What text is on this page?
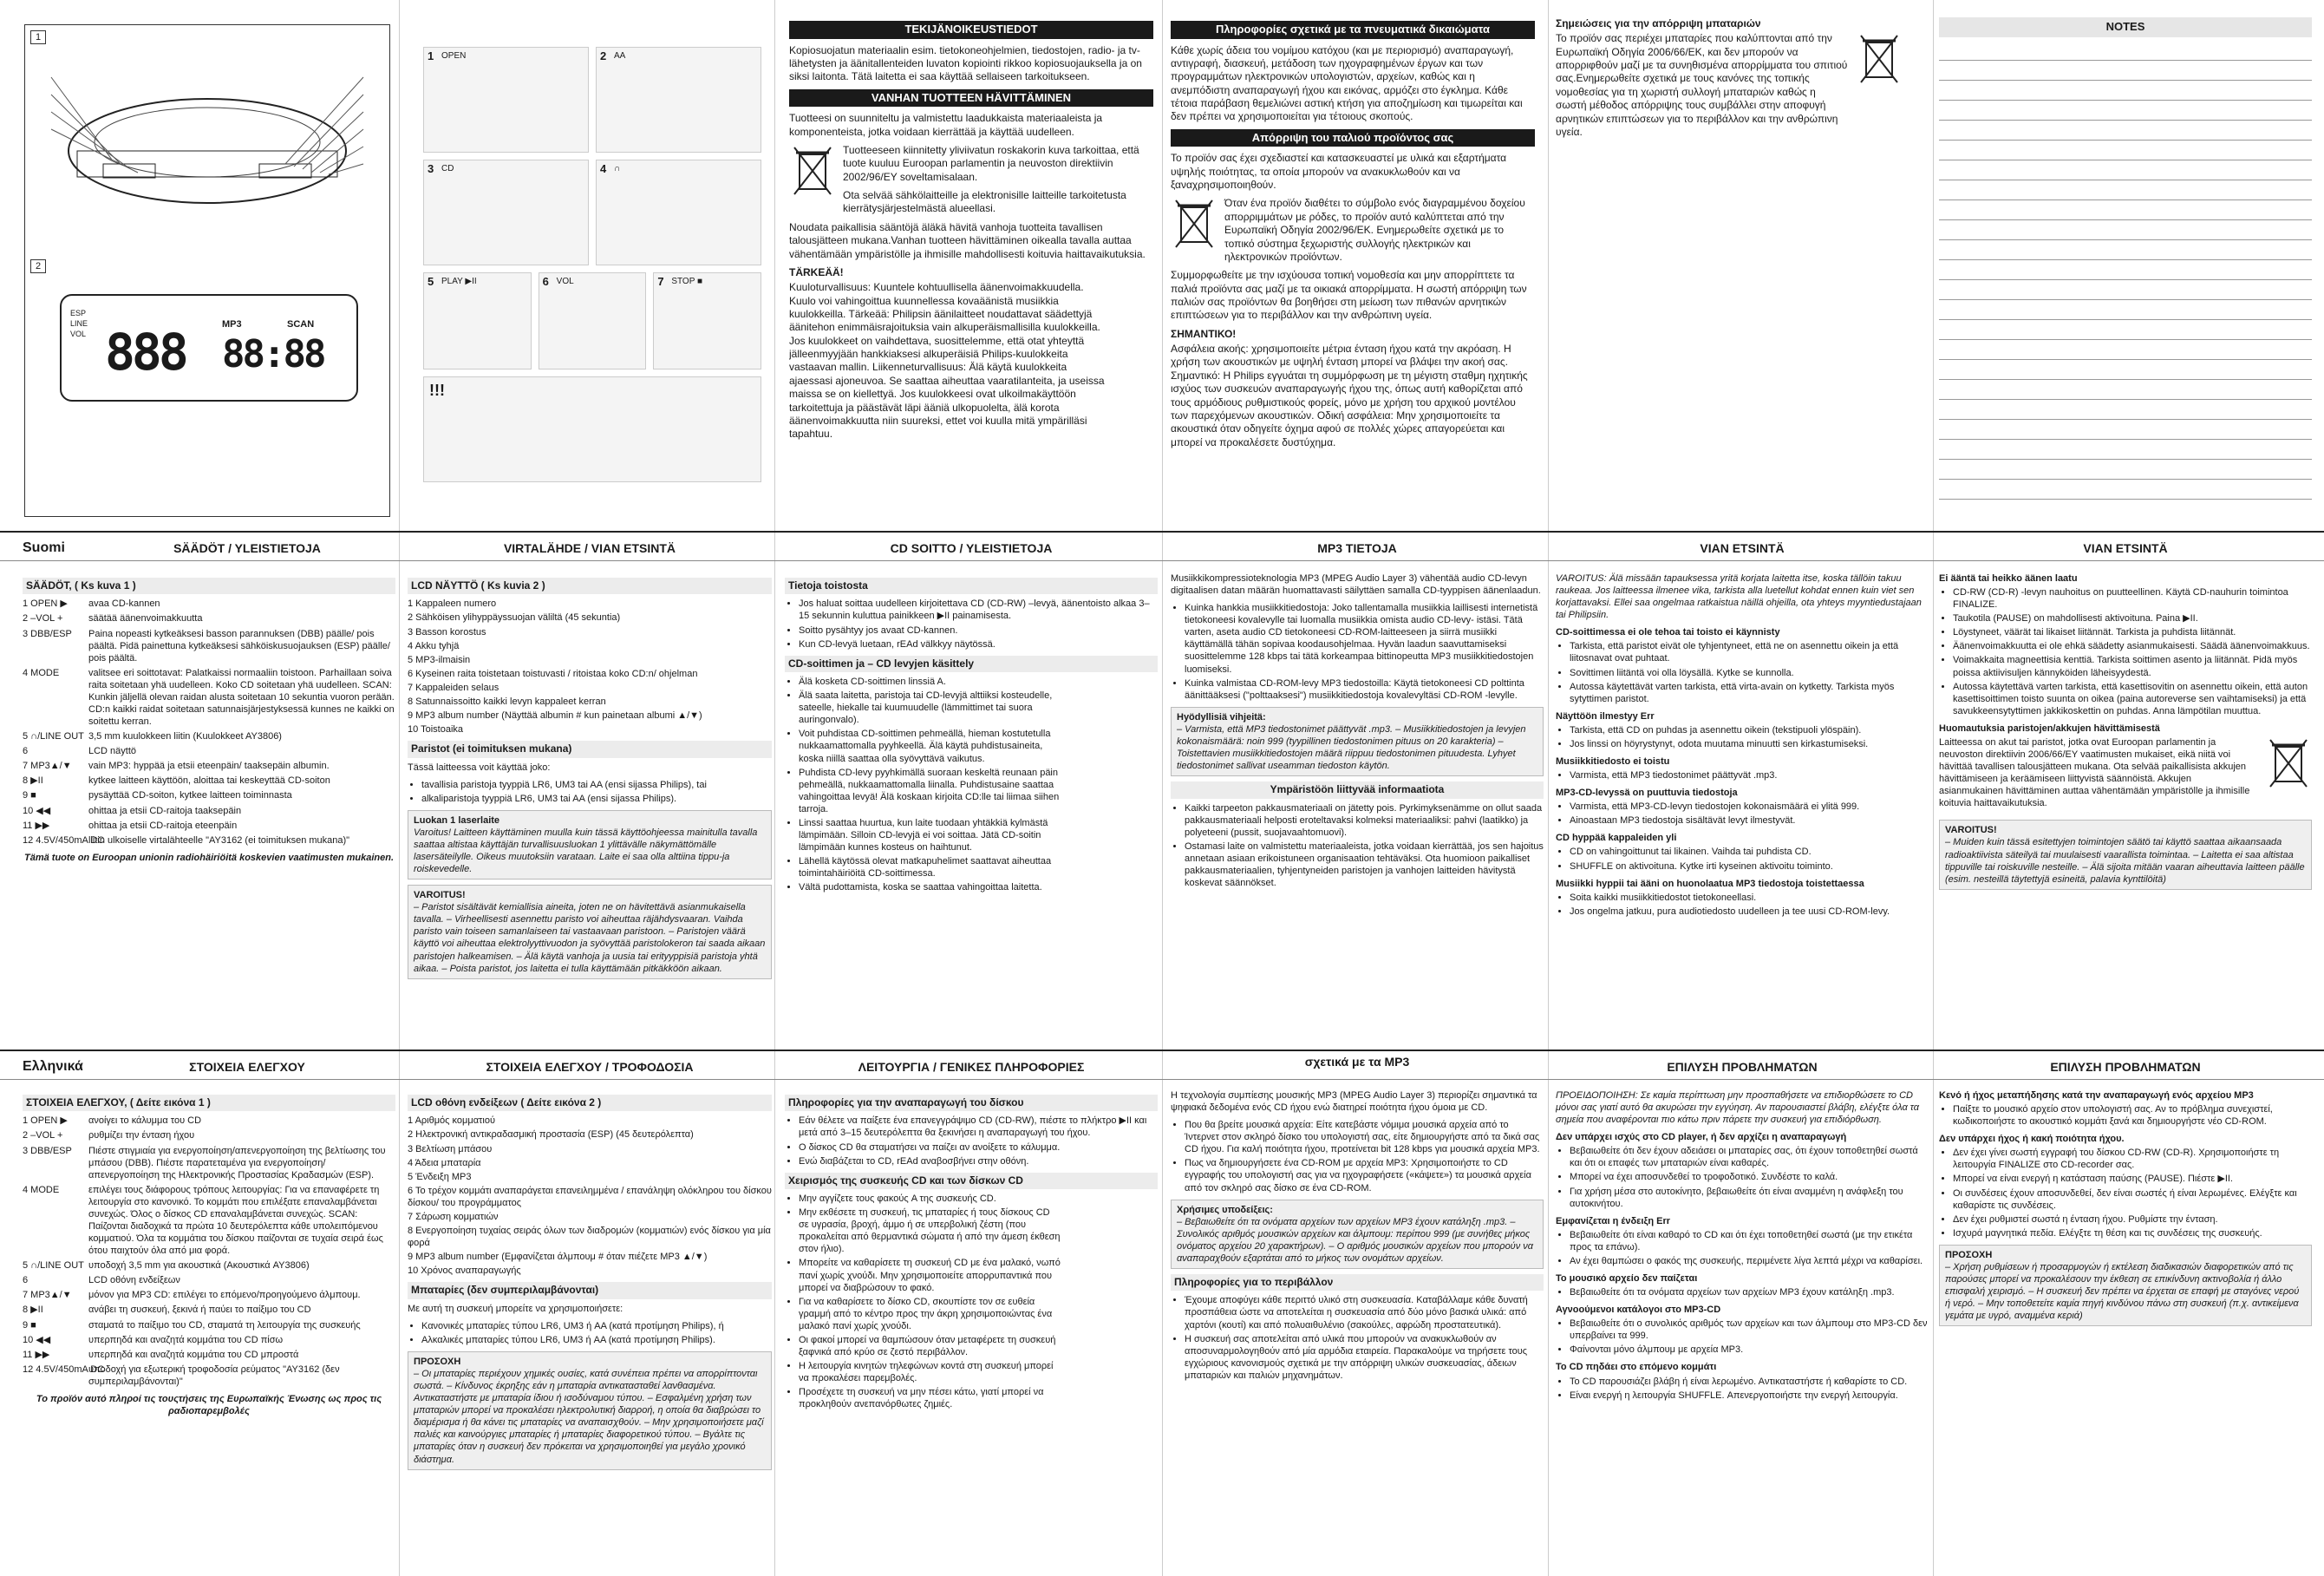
1
2
ESP
LINE
VOL 888	MP3	SCAN
88:88
1 OPEN	2 AA
3 CD	4 ∩
5 PLAY ▶II	6 VOL	7 STOP ■
!!!
TEKIJÄNOIKEUSTIEDOT

Kopiosuojatun materiaalin esim. tietokoneohjelmien, tiedostojen, radio- ja tv-lähetysten ja äänitallenteiden luvaton kopiointi rikkoo kopiosuojauksella ja on siksi laitonta. Tätä laitetta ei saa käyttää sellaiseen tarkoitukseen.

VANHAN TUOTTEEN HÄVITTÄMINEN

Tuotteesi on suunniteltu ja valmistettu laadukkaista materiaaleista ja komponenteista, jotka voidaan kierrättää ja käyttää uudelleen.

Tuotteeseen kiinnitetty yliviivatun roskakorin kuva tarkoittaa, että tuote kuuluu Euroopan parlamentin ja neuvoston direktiivin 2002/96/EY soveltamisalaan.

Ota selvää sähkölaitteille ja elektronisille laitteille tarkoitetusta kierrätysjärjestelmästä alueellasi.

Noudata paikallisia sääntöjä äläkä hävitä vanhoja tuotteita tavallisen talousjätteen mukana.Vanhan tuotteen hävittäminen oikealla tavalla auttaa vähentämään ympäristölle ja ihmisille mahdollisesti koituvia haittavaikutuksia.

TÄRKEÄÄ!

Kuuloturvallisuus: Kuuntele kohtuullisella äänenvoimakkuudella. Kuulo voi vahingoittua kuunnellessa kovaäänistä musiikkia kuulokkeilla. Tärkeää: Philipsin äänilaitteet noudattavat säädettyjä äänitehon enimmäisrajoituksia vain alkuperäismallisilla kuulokkeilla. Jos kuulokkeet on vaihdettava, suosittelemme, että otat yhteyttä jälleenmyyjään hankkiaksesi alkuperäisiä Philips-kuulokkeita vastaavan mallin. Liikenneturvallisuus: Älä käytä kuulokkeita ajaessasi ajoneuvoa. Se saattaa aiheuttaa vaaratilanteita, ja useissa maissa se on kiellettyä. Jos kuulokkeesi ovat ulkoilmakäyttöön tarkoitettuja ja päästävät läpi ääniä ulkopuolelta, älä korota äänenvoimakkuutta niin suureksi, ettet voi kuulla mitä ympärilläsi tapahtuu.

Πληροφορίες σχετικά με τα πνευματικά δικαιώματα

Κάθε χωρίς άδεια του νομίμου κατόχου (και με περιορισμό) αναπαραγωγή, αντιγραφή, διασκευή, μετάδοση των ηχογραφημένων έργων και των προγραμμάτων ηλεκτρονικών υπολογιστών, αρχείων, καθώς και η ανεμπόδιστη αναπαραγωγή ήχου και εικόνας, αρμόζει στο έγκλημα. Κάθε τέτοια παράβαση θεμελιώνει αστική κτήση για αποζημίωση και τιμωρείται και δεν πρέπει να χρησιμοποιείται για τέτοιους σκοπούς.

Απόρριψη του παλιού προϊόντος σας

Το προϊόν σας έχει σχεδιαστεί και κατασκευαστεί με υλικά και εξαρτήματα υψηλής ποιότητας, τα οποία μπορούν να ανακυκλωθούν και να ξαναχρησιμοποιηθούν.

Όταν ένα προϊόν διαθέτει το σύμβολο ενός διαγραμμένου δοχείου απορριμμάτων με ρόδες, το προϊόν αυτό καλύπτεται από την Ευρωπαϊκή Οδηγία 2002/96/ΕΚ. Ενημερωθείτε σχετικά με το τοπικό σύστημα ξεχωριστής συλλογής ηλεκτρικών και ηλεκτρονικών προϊόντων.

Συμμορφωθείτε με την ισχύουσα τοπική νομοθεσία και μην απορρίπτετε τα παλιά προϊόντα σας μαζί με τα οικιακά απορρίμματα. Η σωστή απόρριψη των παλιών σας προϊόντων θα βοηθήσει στη μείωση των πιθανών αρνητικών επιπτώσεων για το περιβάλλον και την ανθρώπινη υγεία.

ΣΗΜΑΝΤΙΚΟ!

Ασφάλεια ακοής: χρησιμοποιείτε μέτρια ένταση ήχου κατά την ακρόαση. Η χρήση των ακουστικών με υψηλή ένταση μπορεί να βλάψει την ακοή σας. Σημαντικό: Η Philips εγγυάται τη συμμόρφωση με τη μέγιστη σταθμη ηχητικής ισχύος των συσκευών αναπαραγωγής ήχου της, όπως αυτή καθορίζεται από τους αρμόδιους ρυθμιστικούς φορείς, μόνο με χρήση του αρχικού μοντέλου των παρεχόμενων ακουστικών. Οδική ασφάλεια: Μην χρησιμοποιείτε τα ακουστικά όταν οδηγείτε όχημα αφού σε πολλές χώρες απαγορεύεται και μπορεί να προκαλέσετε δυστύχημα.

Σημειώσεις για την απόρριψη μπαταριών

Το προϊόν σας περιέχει μπαταρίες που καλύπτονται από την Ευρωπαϊκή Οδηγία 2006/66/ΕΚ, και δεν μπορούν να απορριφθούν μαζί με τα συνηθισμένα απορρίμματα του σπιτιού σας.Ενημερωθείτε σχετικά με τους κανόνες της τοπικής νομοθεσίας για τη χωριστή συλλογή μπαταριών καθώς η σωστή μέθοδος απόρριψης τους συμβάλλει στην αποφυγή αρνητικών επιπτώσεων για το περιβάλλον και την ανθρώπινη υγεία.

NOTES
Suomi	SÄÄDÖT / YLEISTIETOJA	VIRTALÄHDE / VIAN ETSINTÄ	CD SOITTO / YLEISTIETOJA	MP3 TIETOJA	VIAN ETSINTÄ	VIAN ETSINTÄ
SÄÄDÖT, ( Ks kuva 1 )
1 OPEN ▶	avaa CD-kannen
2 –VOL +	säätää äänenvoimakkuutta
3 DBB/ESP	Paina nopeasti kytkeäksesi basson parannuksen (DBB) päälle/ pois päältä. Pidä painettuna kytkeäksesi sähköiskusuojauksen (ESP) päälle/ pois päältä.
4 MODE	valitsee eri soittotavat: Palatkaissi normaaliin toistoon. Parhaillaan soiva raita soitetaan yhä uudelleen. Koko CD soitetaan yhä uudelleen. SCAN: Kunkin jäljellä olevan raidan alusta soitetaan 10 sekuntia vuoron perään. CD:n kaikki raidat soitetaan satunnaisjärjestyksessä kunnes ne kaikki on soitettu kerran.
5 ∩/LINE OUT 3,5 mm kuulokkeen liitin (Kuulokkeet AY3806)
6	LCD näyttö
7 MP3▲/▼	vain MP3: hyppää ja etsii eteenpäin/ taaksepäin albumin.
8 ▶II	kytkee laitteen käyttöön, aloittaa tai keskeyttää CD-soiton
9 ■	pysäyttää CD-soiton, kytkee laitteen toiminnasta
10 ◀◀	ohittaa ja etsii CD-raitoja taaksepäin
11 ▶▶	ohittaa ja etsii CD-raitoja eteenpäin
12 4.5V/450mA DC
liitin ulkoiselle virtalähteelle "AY3162 (ei toimituksen mukana)"

Tämä tuote on Euroopan unionin radiohäiriöitä koskevien vaatimusten mukainen.

LCD NÄYTTÖ ( Ks kuvia 2 )
1 Kappaleen numero
2 Sähköisen ylihyppäyssuojan väliltä (45 sekuntia)
3 Basson korostus
4 Akku tyhjä
5 MP3-ilmaisin
6 Kyseinen raita toistetaan toistuvasti / ritoistaa koko CD:n/ ohjelman
7 Kappaleiden selaus
8 Satunnaissoitto kaikki levyn kappaleet kerran
9 MP3 album number (Näyttää albumin # kun painetaan albumi ▲/▼)
10 Toistoaika
Paristot (ei toimituksen mukana)

Tässä laitteessa voit käyttää joko:

• tavallisia paristoja tyyppiä LR6, UM3 tai AA (ensi sijassa Philips), tai
• alkaliparistoja tyyppiä LR6, UM3 tai AA (ensi sijassa Philips).
Luokan 1 laserlaite
Varoitus! Laitteen käyttäminen muulla kuin tässä käyttöohjeessa mainitulla tavalla saattaa altistaa käyttäjän turvallisuusluokan 1 ylittävälle näkymättömälle lasersäteilylle. Oikeus muutoksiin varataan. Laite ei saa olla alttiina tippu-ja roiskevedelle.
VAROITUS!
– Paristot sisältävät kemiallisia aineita, joten ne on hävitettävä asianmukaisella tavalla. – Virheellisesti asennettu paristo voi aiheuttaa räjähdysvaaran. Vaihda paristo vain toiseen samanlaiseen tai vastaavaan paristoon. – Paristojen väärä käyttö voi aiheuttaa elektrolyyttivuodon ja syövyttää paristolokeron tai saada aikaan paristojen halkeamisen. – Älä käytä vanhoja ja uusia tai erityyppisiä paristoja yhtä aikaa. – Poista paristot, jos laitetta ei tulla käyttämään pitkäkköön aikaan.
Tietoja toistosta
• Jos haluat soittaa uudelleen kirjoitettava CD (CD-RW) –levyä, äänentoisto alkaa 3–15 sekunnin kuluttua painikkeen ▶II painamisesta.
• Soitto pysähtyy jos avaat CD-kannen.
• Kun CD-levyä luetaan, rEAd välkkyy näytössä.
CD-soittimen ja – CD levyjen käsittely
• Älä kosketa CD-soittimen linssiä A.
• Älä saata laitetta, paristoja tai CD-levyjä alttiiksi kosteudelle, sateelle, hiekalle tai kuumuudelle (lämmittimet tai suora auringonvalo).
• Voit puhdistaa CD-soittimen pehmeällä, hieman kostutetulla nukkaamattomalla pyyhkeellä. Älä käytä puhdistusaineita, koska niillä saattaa olla syövyttävä vaikutus.
• Puhdista CD-levy pyyhkimällä suoraan keskeltä reunaan päin pehmeällä, nukkaamattomalla liinalla. Puhdistusaine saattaa vahingoittaa levyä! Älä koskaan kirjoita CD:lle tai liimaa siihen tarroja.
• Linssi saattaa huurtua, kun laite tuodaan yhtäkkiä kylmästä lämpimään. Silloin CD-levyjä ei voi soittaa. Jätä CD-soitin lämpimään kunnes kosteus on haihtunut.
• Lähellä käytössä olevat matkapuhelimet saattavat aiheuttaa toimintahäiriöitä CD-soittimessa.
• Vältä pudottamista, koska se saattaa vahingoittaa laitetta.

Musiikkikompressioteknologia MP3 (MPEG Audio Layer 3) vähentää audio CD-levyn digitaalisen datan määrän huomattavasti säilyttäen samalla CD-tyyppisen äänenlaadun.

• Kuinka hankkia musiikkitiedostoja: Joko tallentamalla musiikkia laillisesti internetistä tietokoneesi kovalevylle tai luomalla musiikkia omista audio CD-levy- istäsi. Tätä varten, aseta audio CD tietokoneesi CD-ROM-laitteeseen ja siirrä musiikki käyttämällä tähän sopivaa koodausohjelmaa. Hyvän laadun saavuttamiseksi suosittelemme 128 kbps tai tätä korkeampaa bittinopeutta MP3 musiikkitiedostojen luomiseksi.
• Kuinka valmistaa CD-ROM-levy MP3 tiedostoilla: Käytä tietokoneesi CD polttinta äänittääksesi ("polttaaksesi") musiikkitiedostoja kovalevyltäsi CD-ROM -levylle.
Hyödyllisiä vihjeitä:
– Varmista, että MP3 tiedostonimet päättyvät .mp3. – Musiikkitiedostojen ja levyjen kokonaismäärä: noin 999 (tyypillinen tiedostonimen pituus on 20 karakteria) – Toistettavien musiikkitiedostojen määrä riippuu tiedostonimen pituudesta. Lyhyet tiedostonimet sallivat useamman tiedoston käytön.
Ympäristöön liittyvää informaatiota
• Kaikki tarpeeton pakkausmateriaali on jätetty pois. Pyrkimyksenämme on ollut saada pakkausmateriaali helposti eroteltavaksi kolmeksi materiaaliksi: pahvi (laatikko) ja polyeteeni (pussit, suojavaahtomuovi).
• Ostamasi laite on valmistettu materiaaleista, jotka voidaan kierrättää, jos sen hajoitus annetaan asiaan erikoistuneen organisaation tehtäväksi. Ota huomioon paikalliset pakkausmateriaalien, tyhjentyneiden paristojen ja vanhojen laitteiden hävitystä koskevat säännökset.

VAROITUS: Älä missään tapauksessa yritä korjata laitetta itse, koska tällöin takuu raukeaa. Jos laitteessa ilmenee vika, tarkista alla luetellut kohdat ennen kuin viet sen korjattavaksi. Ellei saa ongelmaa ratkaistua näillä ohjeilla, ota yhteys myyntiedustajaan tai Philipsiin.

CD-soittimessa ei ole tehoa tai toisto ei käynnisty

• Tarkista, että paristot eivät ole tyhjentyneet, että ne on asennettu oikein ja että liitosnavat ovat puhtaat.
• Sovittimen liitäntä voi olla löysällä. Kytke se kunnolla.
• Autossa käytettävät varten tarkista, että virta-avain on kytketty. Tarkista myös sytyttimen paristot.

Näyttöön ilmestyy Err

• Tarkista, että CD on puhdas ja asennettu oikein (tekstipuoli ylöspäin).
• Jos linssi on höyrystynyt, odota muutama minuutti sen kirkastumiseksi.

Musiikkitiedosto ei toistu

• Varmista, että MP3 tiedostonimet päättyvät .mp3.

MP3-CD-levyssä on puuttuvia tiedostoja

• Varmista, että MP3-CD-levyn tiedostojen kokonaismäärä ei ylitä 999.
• Ainoastaan MP3 tiedostoja sisältävät levyt ilmestyvät.

CD hyppää kappaleiden yli

• CD on vahingoittunut tai likainen. Vaihda tai puhdista CD.
• SHUFFLE on aktivoituna. Kytke irti kyseinen aktivoitu toiminto.

Musiikki hyppii tai ääni on huonolaatua MP3 tiedostoja toistettaessa

• Soita kaikki musiikkitiedostot tietokoneellasi.
• Jos ongelma jatkuu, pura audiotiedosto uudelleen ja tee uusi CD-ROM-levy.

Ei ääntä tai heikko äänen laatu

• CD-RW (CD-R) -levyn nauhoitus on puutteellinen. Käytä CD-nauhurin toimintoa FINALIZE.
• Taukotila (PAUSE) on mahdollisesti aktivoituna. Paina ▶II.
• Löystyneet, väärät tai likaiset liitännät. Tarkista ja puhdista liitännät.
• Äänenvoimakkuutta ei ole ehkä säädetty asianmukaisesti. Säädä äänenvoimakkuus.
• Voimakkaita magneettisia kenttiä. Tarkista soittimen asento ja liitännät. Pidä myös poissa aktiivisuljen kännyköiden läheisyydestä.
• Autossa käytettävä varten tarkista, että kasettisovitin on asennettu oikein, että auton kasettisoittimen toisto suunta on oikea (paina autoreverse sen vaihtamiseksi) ja että savukkeensytyttimen jakkikoskettin on puhdas. Anna lämpötilan muuttua.

Huomautuksia paristojen/akkujen hävittämisestä

Laitteessa on akut tai paristot, jotka ovat Euroopan parlamentin ja neuvoston direktiivin 2006/66/EY vaatimusten mukaiset, eikä niitä voi hävittää tavallisen talousjätteen mukana. Ota selvää paikallisista akkujen hävittämiseen ja keräämiseen liittyvistä säännöistä. Akkujen asianmukainen hävittäminen auttaa vähentämään ympäristölle ja ihmisille koituvia haittavaikutuksia.

VAROITUS!
– Muiden kuin tässä esitettyjen toimintojen säätö tai käyttö saattaa aikaansaada radioaktiivista säteilyä tai muulaisesti vaarallista toimintaa. – Laitetta ei saa altistaa tippuville tai roiskuville nesteille. – Älä sijoita mitään vaaran aiheuttavia laitteen päälle (esim. nesteillä täytettyjä esineitä, palavia kynttilöitä)
Ελληνικά	ΣΤΟΙΧΕΙΑ ΕΛΕΓΧΟΥ	ΣΤΟΙΧΕΙΑ ΕΛΕΓΧΟΥ / ΤΡΟΦΟΔΟΣΙΑ	ΛΕΙΤΟΥΡΓΙΑ / ΓΕΝΙΚΕΣ ΠΛΗΡΟΦΟΡΙΕΣ	σχετικά με τα MP3	ΕΠΙΛΥΣΗ ΠΡΟΒΛΗΜΑΤΩΝ	ΕΠΙΛΥΣΗ ΠΡΟΒΛΗΜΑΤΩΝ
ΣΤΟΙΧΕΙΑ ΕΛΕΓΧΟΥ, ( Δείτε εικόνα 1 )
1 OPEN ▶	ανοίγει το κάλυμμα του CD
2 –VOL +	ρυθμίζει την ένταση ήχου
3 DBB/ESP	Πιέστε στιγμιαία για ενεργοποίηση/απενεργοποίηση της βελτίωσης του μπάσου (DBB). Πιέστε παρατεταμένα για ενεργοποίηση/απενεργοποίηση της Ηλεκτρονικής Προστασίας Κραδασμών (ESP).
4 MODE	επιλέγει τους διάφορους τρόπους λειτουργίας: Για να επαναφέρετε τη λειτουργία στο κανονικό. Το κομμάτι που επιλέξατε επαναλαμβάνεται συνεχώς. Όλος ο δίσκος CD επαναλαμβάνεται συνεχώς. SCAN: Παίζονται διαδοχικά τα πρώτα 10 δευτερόλεπτα κάθε υπολειπόμενου κομματιού. Όλα τα κομμάτια του δίσκου παίζονται σε τυχαία σειρά έως ότου παιχτούν όλα από μια φορά.
5 ∩/LINE OUT υποδοχή 3,5 mm για ακουστικά (Ακουστικά AY3806)
6	LCD οθόνη ενδείξεων
7 MP3▲/▼	μόνον για MP3 CD: επιλέγει το επόμενο/προηγούμενο άλμπουμ.
8 ▶II	ανάβει τη συσκευή, ξεκινά ή παύει το παίξιμο του CD
9 ■	σταματά το παίξιμο του CD, σταματά τη λειτουργία της συσκευής
10 ◀◀	υπερπηδά και αναζητά κομμάτια του CD πίσω
11 ▶▶	υπερπηδά και αναζητά κομμάτια του CD μπροστά
12 4.5V/450mA DC
υποδοχή για εξωτερική τροφοδοσία ρεύματος "AY3162 (δεν συμπεριλαμβάνονται)"

Το προϊόν αυτό πληροί τις τουςτήσεις της Ευρωπαϊκής Ένωσης ως προς τις ραδιοπαρεμβολές

LCD οθόνη ενδείξεων ( Δείτε εικόνα 2 )
1 Αριθμός κομματιού
2 Ηλεκτρονική αντικραδασμική προστασία (ESP) (45 δευτερόλεπτα)
3 Βελτίωση μπάσου
4 Άδεια μπαταρία
5 Ένδειξη MP3
6 Το τρέχον κομμάτι αναπαράγεται επανειλημμένα / επανάληψη ολόκληρου του δίσκου δίσκου/ του προγράμματος
7 Σάρωση κομματιών
8 Ενεργοποίηση τυχαίας σειράς όλων των διαδρομών (κομματιών) ενός δίσκου για μία φορά
9 MP3 album number (Εμφανίζεται άλμπουμ # όταν πιέζετε MP3 ▲/▼)
10 Χρόνος αναπαραγωγής
Μπαταρίες (δεν συμπεριλαμβάνονται)

Με αυτή τη συσκευή μπορείτε να χρησιμοποιήσετε:

• Κανονικές μπαταρίες τύπου LR6, UM3 ή AA (κατά προτίμηση Philips), ή
• Αλκαλικές μπαταρίες τύπου LR6, UM3 ή AA (κατά προτίμηση Philips).
ΠΡΟΣΟΧΗ
– Οι μπαταρίες περιέχουν χημικές ουσίες, κατά συνέπεια πρέπει να απορρίπτονται σωστά. – Κίνδυνος έκρηξης εάν η μπαταρία αντικατασταθεί λανθασμένα. Αντικαταστήστε με μπαταρία ίδιου ή ισοδύναμου τύπου. – Εσφαλμένη χρήση των μπαταριών μπορεί να προκαλέσει ηλεκτρολυτική διαρροή, η οποία θα διαβρώσει το διαμέρισμα ή θα κάνει τις μπαταρίες να αναπαισχθούν. – Μην χρησιμοποιήσετε μαζί παλιές και καινούργιες μπαταρίες ή μπαταρίες διαφορετικού τύπου. – Βγάλτε τις μπαταρίες όταν η συσκευή δεν πρόκειται να χρησιμοποιηθεί για μεγάλο χρονικό διάστημα.
Πληροφορίες για την αναπαραγωγή του δίσκου
• Εάν θέλετε να παίξετε ένα επανεγγράψιμο CD (CD-RW), πιέστε το πλήκτρο ▶II και μετά από 3–15 δευτερόλεπτα θα ξεκινήσει η αναπαραγωγή του ήχου.
• Ο δίσκος CD θα σταματήσει να παίζει αν ανοίξετε το κάλυμμα.
• Ενώ διαβάζεται το CD, rEAd αναβοσβήνει στην οθόνη.
Χειρισμός της συσκευής CD και των δίσκων CD
• Μην αγγίζετε τους φακούς A της συσκευής CD.
• Μην εκθέσετε τη συσκευή, τις μπαταρίες ή τους δίσκους CD σε υγρασία, βροχή, άμμο ή σε υπερβολική ζέστη (που προκαλείται από θερμαντικά σώματα ή από την άμεση έκθεση στον ήλιο).
• Μπορείτε να καθαρίσετε τη συσκευή CD με ένα μαλακό, νωπό πανί χωρίς χνούδι. Μην χρησιμοποιείτε απορρυπαντικά που μπορεί να διαβρώσουν το φακό.
• Για να καθαρίσετε το δίσκο CD, σκουπίστε τον σε ευθεία γραμμή από το κέντρο προς την άκρη χρησιμοποιώντας ένα μαλακό πανί χωρίς χνούδι.
• Οι φακοί μπορεί να θαμπώσουν όταν μεταφέρετε τη συσκευή ξαφνικά από κρύο σε ζεστό περιβάλλον.
• Η λειτουργία κινητών τηλεφώνων κοντά στη συσκευή μπορεί να προκαλέσει παρεμβολές.
• Προσέχετε τη συσκευή να μην πέσει κάτω, γιατί μπορεί να προκληθούν ανεπανόρθωτες ζημιές.

Η τεχνολογία συμπίεσης μουσικής MP3 (MPEG Audio Layer 3) περιορίζει σημαντικά τα ψηφιακά δεδομένα ενός CD ήχου ενώ διατηρεί ποιότητα ήχου όμοια με CD.

• Που θα βρείτε μουσικά αρχεία: Είτε κατεβάστε νόμιμα μουσικά αρχεία από το Ίντερνετ στον σκληρό δίσκο του υπολογιστή σας, είτε δημιουργήστε από τα δικά σας CD ήχου. Για καλή ποιότητα ήχου, προτείνεται bit 128 kbps για μουσικά αρχεία MP3.
• Πως να δημιουργήσετε ένα CD-ROM με αρχεία MP3: Χρησιμοποιήστε το CD εγγραφής του υπολογιστή σας για να ηχογραφήσετε («κάψετε») τα μουσικά αρχεία από τον σκληρό σας δίσκο σε ένα CD-ROM.
Χρήσιμες υποδείξεις:
– Βεβαιωθείτε ότι τα ονόματα αρχείων των αρχείων MP3 έχουν κατάληξη .mp3. – Συνολικός αριθμός μουσικών αρχείων και άλμπουμ: περίπου 999 (με συνήθες μήκος ονόματος αρχείου 20 χαρακτήρων). – Ο αριθμός μουσικών αρχείων που μπορούν να αναπαραχθούν εξαρτάται από το μήκος των ονομάτων αρχείων.
Πληροφορίες για το περιβάλλον
• Έχουμε αποφύγει κάθε περιττό υλικό στη συσκευασία. Καταβάλλαμε κάθε δυνατή προσπάθεια ώστε να αποτελείται η συσκευασία από δύο μόνο βασικά υλικά: από χαρτόνι (κουτί) και από πολυαιθυλένιο (σακούλες, αφρώδη προστατευτικά).
• Η συσκευή σας αποτελείται από υλικά που μπορούν να ανακυκλωθούν αν αποσυναρμολογηθούν από μία αρμόδια εταιρεία. Παρακαλούμε να τηρήσετε τους εγχώριους κανονισμούς σχετικά με την απόρριψη υλικών συσκευασίας, άδειων μπαταριών και παλιών μηχανημάτων.

ΠΡΟΕΙΔΟΠΟΙΗΣΗ: Σε καμία περίπτωση μην προσπαθήσετε να επιδιορθώσετε το CD μόνοι σας γιατί αυτό θα ακυρώσει την εγγύηση. Αν παρουσιαστεί βλάβη, ελέγξτε όλα τα σημεία που αναφέρονται πιο κάτω πριν πάρετε την συσκευή για επιδιόρθωση.

Δεν υπάρχει ισχύς στο CD player, ή δεν αρχίζει η αναπαραγωγή

• Βεβαιωθείτε ότι δεν έχουν αδειάσει οι μπαταρίες σας, ότι έχουν τοποθετηθεί σωστά και ότι οι επαφές των μπαταριών είναι καθαρές.
• Μπορεί να έχει αποσυνδεθεί το τροφοδοτικό. Συνδέστε το καλά.
• Για χρήση μέσα στο αυτοκίνητο, βεβαιωθείτε ότι είναι αναμμένη η ανάφλεξη του αυτοκινήτου.

Εμφανίζεται η ένδειξη Err

• Βεβαιωθείτε ότι είναι καθαρό το CD και ότι έχει τοποθετηθεί σωστά (με την ετικέτα προς τα επάνω).
• Αν έχει θαμπώσει ο φακός της συσκευής, περιμένετε λίγα λεπτά μέχρι να καθαρίσει.

Το μουσικό αρχείο δεν παίζεται

• Βεβαιωθείτε ότι τα ονόματα αρχείων των αρχείων MP3 έχουν κατάληξη .mp3.

Αγνοούμενοι κατάλογοι στο MP3-CD

• Βεβαιωθείτε ότι ο συνολικός αριθμός των αρχείων και των άλμπουμ στο MP3-CD δεν υπερβαίνει τα 999.
• Φαίνονται μόνο άλμπουμ με αρχεία MP3.

Το CD πηδάει στο επόμενο κομμάτι

• Το CD παρουσιάζει βλάβη ή είναι λερωμένο. Αντικαταστήστε ή καθαρίστε το CD.
• Είναι ενεργή η λειτουργία SHUFFLE. Απενεργοποιήστε την ενεργή λειτουργία.

Κενό ή ήχος μεταπήδησης κατά την αναπαραγωγή ενός αρχείου MP3

• Παίξτε το μουσικό αρχείο στον υπολογιστή σας. Αν το πρόβλημα συνεχιστεί, κωδικοποιήστε το ακουστικό κομμάτι ξανά και δημιουργήστε νέο CD-ROM.

Δεν υπάρχει ήχος ή κακή ποιότητα ήχου.

• Δεν έχει γίνει σωστή εγγραφή του δίσκου CD-RW (CD-R). Χρησιμοποιήστε τη λειτουργία FINALIZE στο CD-recorder σας.
• Μπορεί να είναι ενεργή η κατάσταση παύσης (PAUSE). Πιέστε ▶II.
• Οι συνδέσεις έχουν αποσυνδεθεί, δεν είναι σωστές ή είναι λερωμένες. Ελέγξτε και καθαρίστε τις συνδέσεις.
• Δεν έχει ρυθμιστεί σωστά η ένταση ήχου. Ρυθμίστε την ένταση.
• Ισχυρά μαγνητικά πεδία. Ελέγξτε τη θέση και τις συνδέσεις της συσκευής.
ΠΡΟΣΟΧΗ
– Χρήση ρυθμίσεων ή προσαρμογών ή εκτέλεση διαδικασιών διαφορετικών από τις παρούσες μπορεί να προκαλέσουν την έκθεση σε επικίνδυνη ακτινοβολία ή άλλο επισφαλή χειρισμό. – Η συσκευή δεν πρέπει να έρχεται σε επαφή με σταγόνες νερού ή νερό. – Μην τοποθετείτε καμία πηγή κινδύνου πάνω στη συσκευή (π.χ. αντικείμενα γεμάτα με υγρό, αναμμένα κεριά)
